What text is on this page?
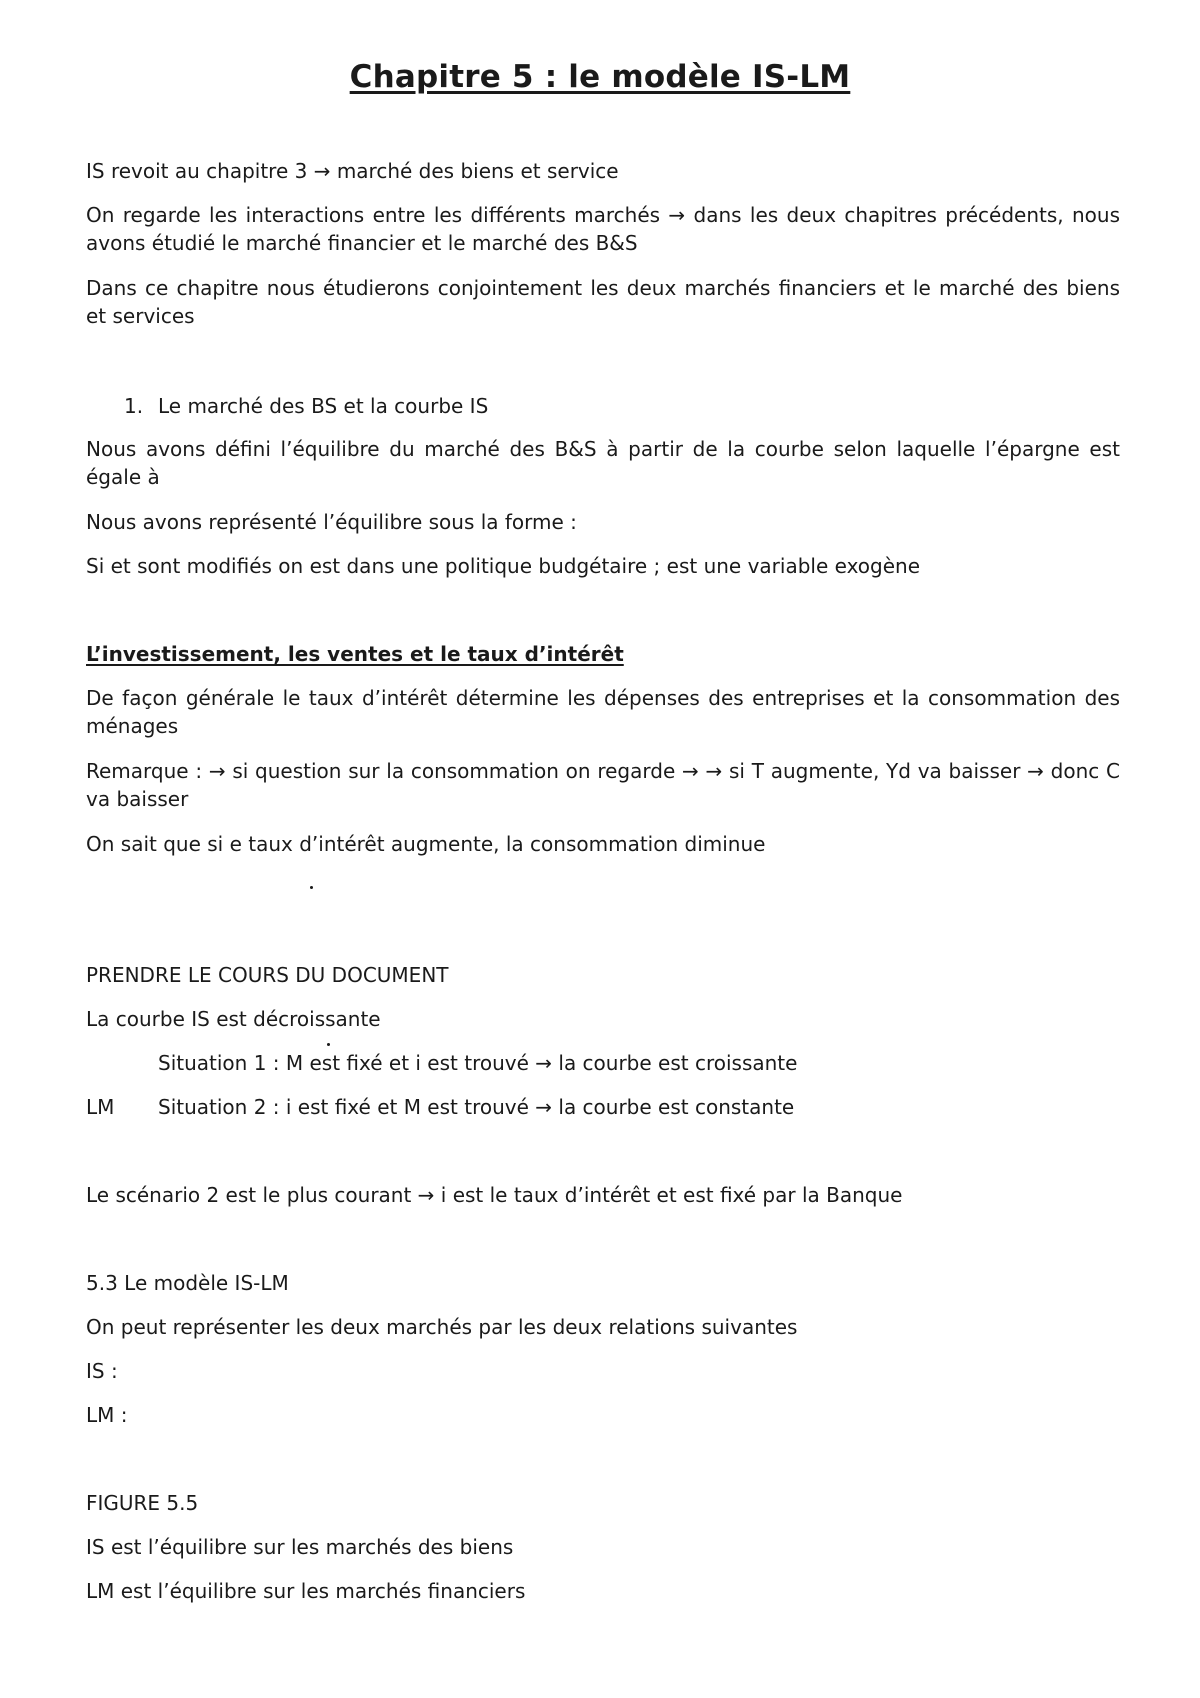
Chapitre 5 : le modèle IS-LM

IS revoit au chapitre 3 → marché des biens et service

On regarde les interactions entre les différents marchés → dans les deux chapitres précédents, nous avons étudié le marché financier et le marché des B&S

Dans ce chapitre nous étudierons conjointement les deux marchés financiers et le marché des biens et services

1. Le marché des BS et la courbe IS

Nous avons défini l’équilibre du marché des B&S à partir de la courbe selon laquelle l’épargne est égale à

Nous avons représenté l’équilibre sous la forme :

Si et sont modifiés on est dans une politique budgétaire ; est une variable exogène

L’investissement, les ventes et le taux d’intérêt

De façon générale le taux d’intérêt détermine les dépenses des entreprises et la consommation des ménages

Remarque : → si question sur la consommation on regarde → → si T augmente, Yd va baisser → donc C va baisser

On sait que si e taux d’intérêt augmente, la consommation diminue

PRENDRE LE COURS DU DOCUMENT

La courbe IS est décroissante

Situation 1 : M est fixé et i est trouvé → la courbe est croissante

LM Situation 2 : i est fixé et M est trouvé → la courbe est constante

Le scénario 2 est le plus courant → i est le taux d’intérêt et est fixé par la Banque

5.3 Le modèle IS-LM

On peut représenter les deux marchés par les deux relations suivantes

IS :

LM :

FIGURE 5.5

IS est l’équilibre sur les marchés des biens

LM est l’équilibre sur les marchés financiers
